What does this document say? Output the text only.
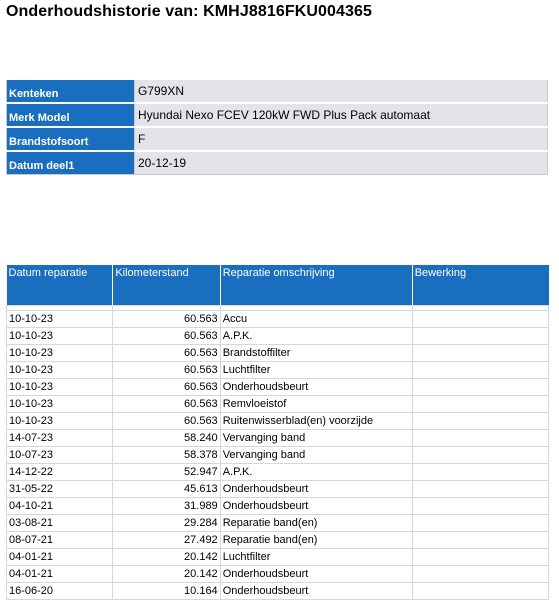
Onderhoudshistorie van: KMHJ8816FKU004365
Kenteken	G799XN
Merk Model	Hyundai Nexo FCEV 120kW FWD Plus Pack automaat
Brandstofsoort	F
Datum deel1	20-12-19
Datum reparatie	Kilometerstand	Reparatie omschrijving	Bewerking

10-10-23	60.563	Accu	
10-10-23	60.563	A.P.K.	
10-10-23	60.563	Brandstoffilter	
10-10-23	60.563	Luchtfilter	
10-10-23	60.563	Onderhoudsbeurt	
10-10-23	60.563	Remvloeistof	
10-10-23	60.563	Ruitenwisserblad(en) voorzijde	
14-07-23	58.240	Vervanging band	
10-07-23	58.378	Vervanging band	
14-12-22	52.947	A.P.K.	
31-05-22	45.613	Onderhoudsbeurt	
04-10-21	31.989	Onderhoudsbeurt	
03-08-21	29.284	Reparatie band(en)	
08-07-21	27.492	Reparatie band(en)	
04-01-21	20.142	Luchtfilter	
04-01-21	20.142	Onderhoudsbeurt	
16-06-20	10.164	Onderhoudsbeurt	
